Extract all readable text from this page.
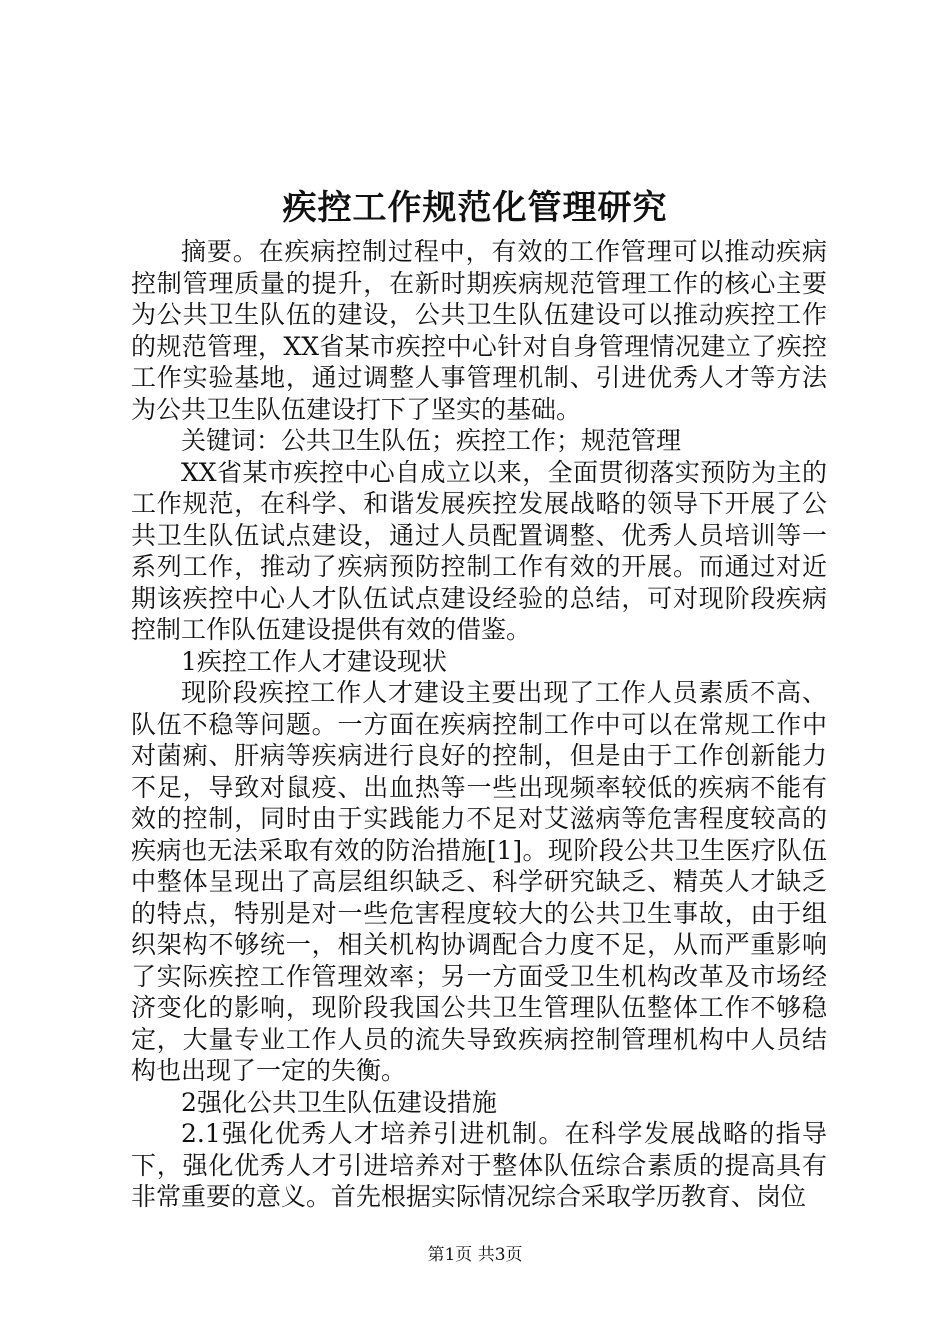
疾控工作规范化管理研究

摘要。在疾病控制过程中，有效的工作管理可以推动疾病控制管理质量的提升，在新时期疾病规范管理工作的核心主要为公共卫生队伍的建设，公共卫生队伍建设可以推动疾控工作的规范管理，XX省某市疾控中心针对自身管理情况建立了疾控工作实验基地，通过调整人事管理机制、引进优秀人才等方法为公共卫生队伍建设打下了坚实的基础。

关键词：公共卫生队伍；疾控工作；规范管理

XX省某市疾控中心自成立以来，全面贯彻落实预防为主的工作规范，在科学、和谐发展疾控发展战略的领导下开展了公共卫生队伍试点建设，通过人员配置调整、优秀人员培训等一系列工作，推动了疾病预防控制工作有效的开展。而通过对近期该疾控中心人才队伍试点建设经验的总结，可对现阶段疾病控制工作队伍建设提供有效的借鉴。

1疾控工作人才建设现状

现阶段疾控工作人才建设主要出现了工作人员素质不高、队伍不稳等问题。一方面在疾病控制工作中可以在常规工作中对菌痢、肝病等疾病进行良好的控制，但是由于工作创新能力不足，导致对鼠疫、出血热等一些出现频率较低的疾病不能有效的控制，同时由于实践能力不足对艾滋病等危害程度较高的疾病也无法采取有效的防治措施[1]。现阶段公共卫生医疗队伍中整体呈现出了高层组织缺乏、科学研究缺乏、精英人才缺乏的特点，特别是对一些危害程度较大的公共卫生事故，由于组织架构不够统一，相关机构协调配合力度不足，从而严重影响了实际疾控工作管理效率；另一方面受卫生机构改革及市场经济变化的影响，现阶段我国公共卫生管理队伍整体工作不够稳定，大量专业工作人员的流失导致疾病控制管理机构中人员结构也出现了一定的失衡。

2强化公共卫生队伍建设措施

2.1强化优秀人才培养引进机制。在科学发展战略的指导下，强化优秀人才引进培养对于整体队伍综合素质的提高具有非常重要的意义。首先根据实际情况综合采取学历教育、岗位

第1页 共3页
